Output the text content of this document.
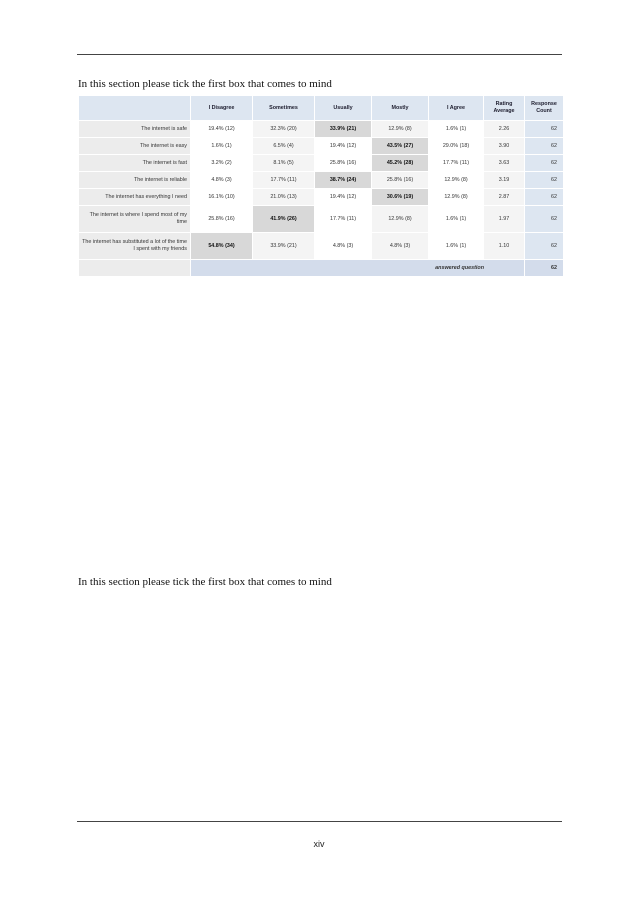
In this section please tick the first box that comes to mind
	I Disagree	Sometimes	Usually	Mostly	I Agree	Rating Average	Response Count
The internet is safe	19.4% (12)	32.3% (20)	33.9% (21)	12.9% (8)	1.6% (1)	2.26	62
The internet is easy	1.6% (1)	6.5% (4)	19.4% (12)	43.5% (27)	29.0% (18)	3.90	62
The internet is fast	3.2% (2)	8.1% (5)	25.8% (16)	45.2% (28)	17.7% (11)	3.63	62
The internet is reliable	4.8% (3)	17.7% (11)	38.7% (24)	25.8% (16)	12.9% (8)	3.19	62
The internet has everything I need	16.1% (10)	21.0% (13)	19.4% (12)	30.6% (19)	12.9% (8)	2.87	62
The internet is where I spend most of my time	25.8% (16)	41.9% (26)	17.7% (11)	12.9% (8)	1.6% (1)	1.97	62
The internet has substituted a lot of the time I spent with my friends	54.8% (34)	33.9% (21)	4.8% (3)	4.8% (3)	1.6% (1)	1.10	62
	answered question						62
In this section please tick the first box that comes to mind
xiv
